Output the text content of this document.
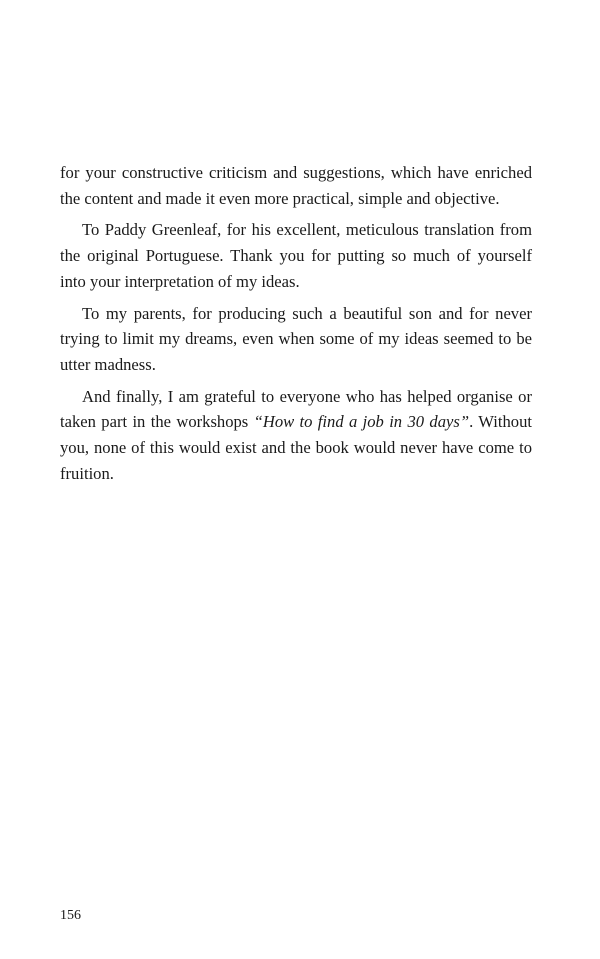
for your constructive criticism and suggestions, which have enriched the content and made it even more practical, simple and objective.

To Paddy Greenleaf, for his excellent, meticulous translation from the original Portuguese. Thank you for putting so much of yourself into your interpretation of my ideas.

To my parents, for producing such a beautiful son and for never trying to limit my dreams, even when some of my ideas seemed to be utter madness.

And finally, I am grateful to everyone who has helped organise or taken part in the workshops “How to find a job in 30 days”. Without you, none of this would exist and the book would never have come to fruition.

156
